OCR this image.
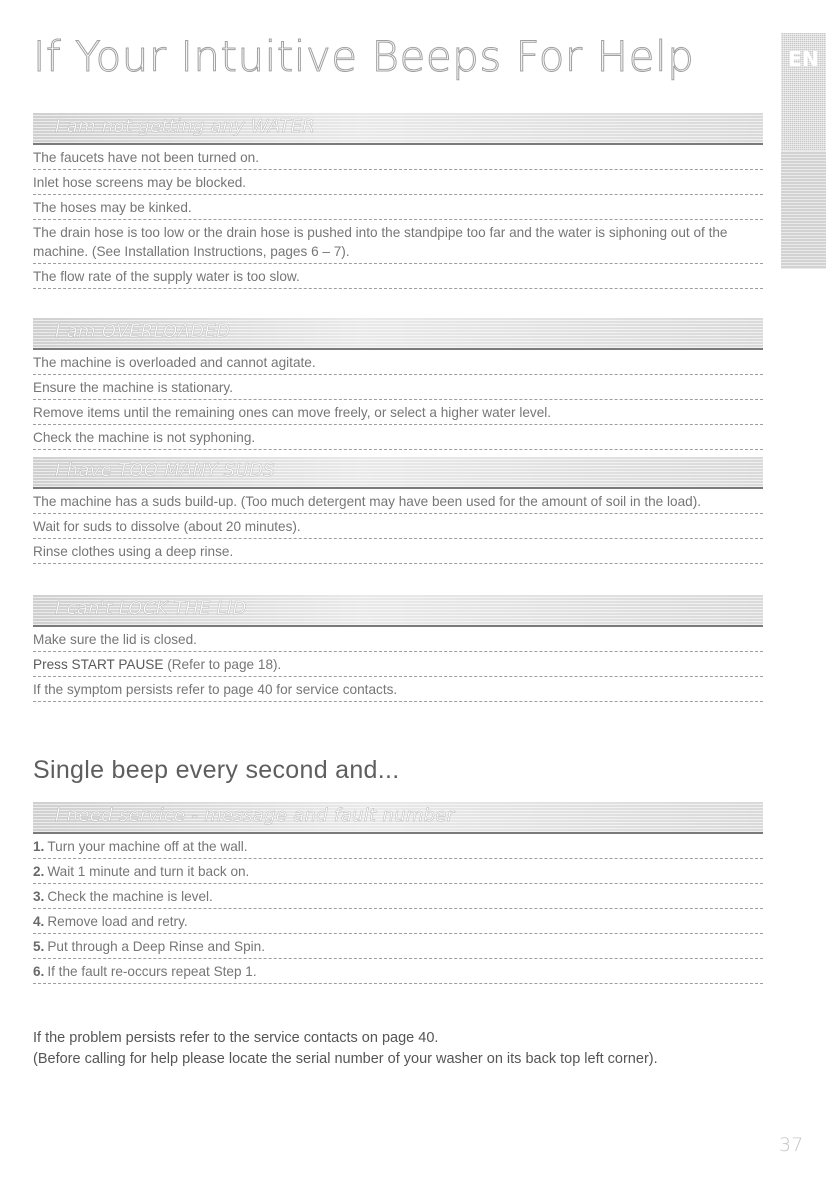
If Your Intuitive Beeps For Help	EN
I am not getting any WATER
The faucets have not been turned on.
Inlet hose screens may be blocked.
The hoses may be kinked.
The drain hose is too low or the drain hose is pushed into the standpipe too far and the water is siphoning out of the machine. (See Installation Instructions, pages 6 – 7).
The flow rate of the supply water is too slow.
I am OVERLOADED
The machine is overloaded and cannot agitate.
Ensure the machine is stationary.
Remove items until the remaining ones can move freely, or select a higher water level.
Check the machine is not syphoning.
I have TOO MANY SUDS
The machine has a suds build-up. (Too much detergent may have been used for the amount of soil in the load).
Wait for suds to dissolve (about 20 minutes).
Rinse clothes using a deep rinse.
I can't LOCK THE LID
Make sure the lid is closed.
Press START PAUSE (Refer to page 18).
If the symptom persists refer to page 40 for service contacts.
Single beep every second and...
I need service - message and fault number
1. Turn your machine off at the wall.
2. Wait 1 minute and turn it back on.
3. Check the machine is level.
4. Remove load and retry.
5. Put through a Deep Rinse and Spin.
6. If the fault re-occurs repeat Step 1.
If the problem persists refer to the service contacts on page 40.
(Before calling for help please locate the serial number of your washer on its back top left corner).
37
